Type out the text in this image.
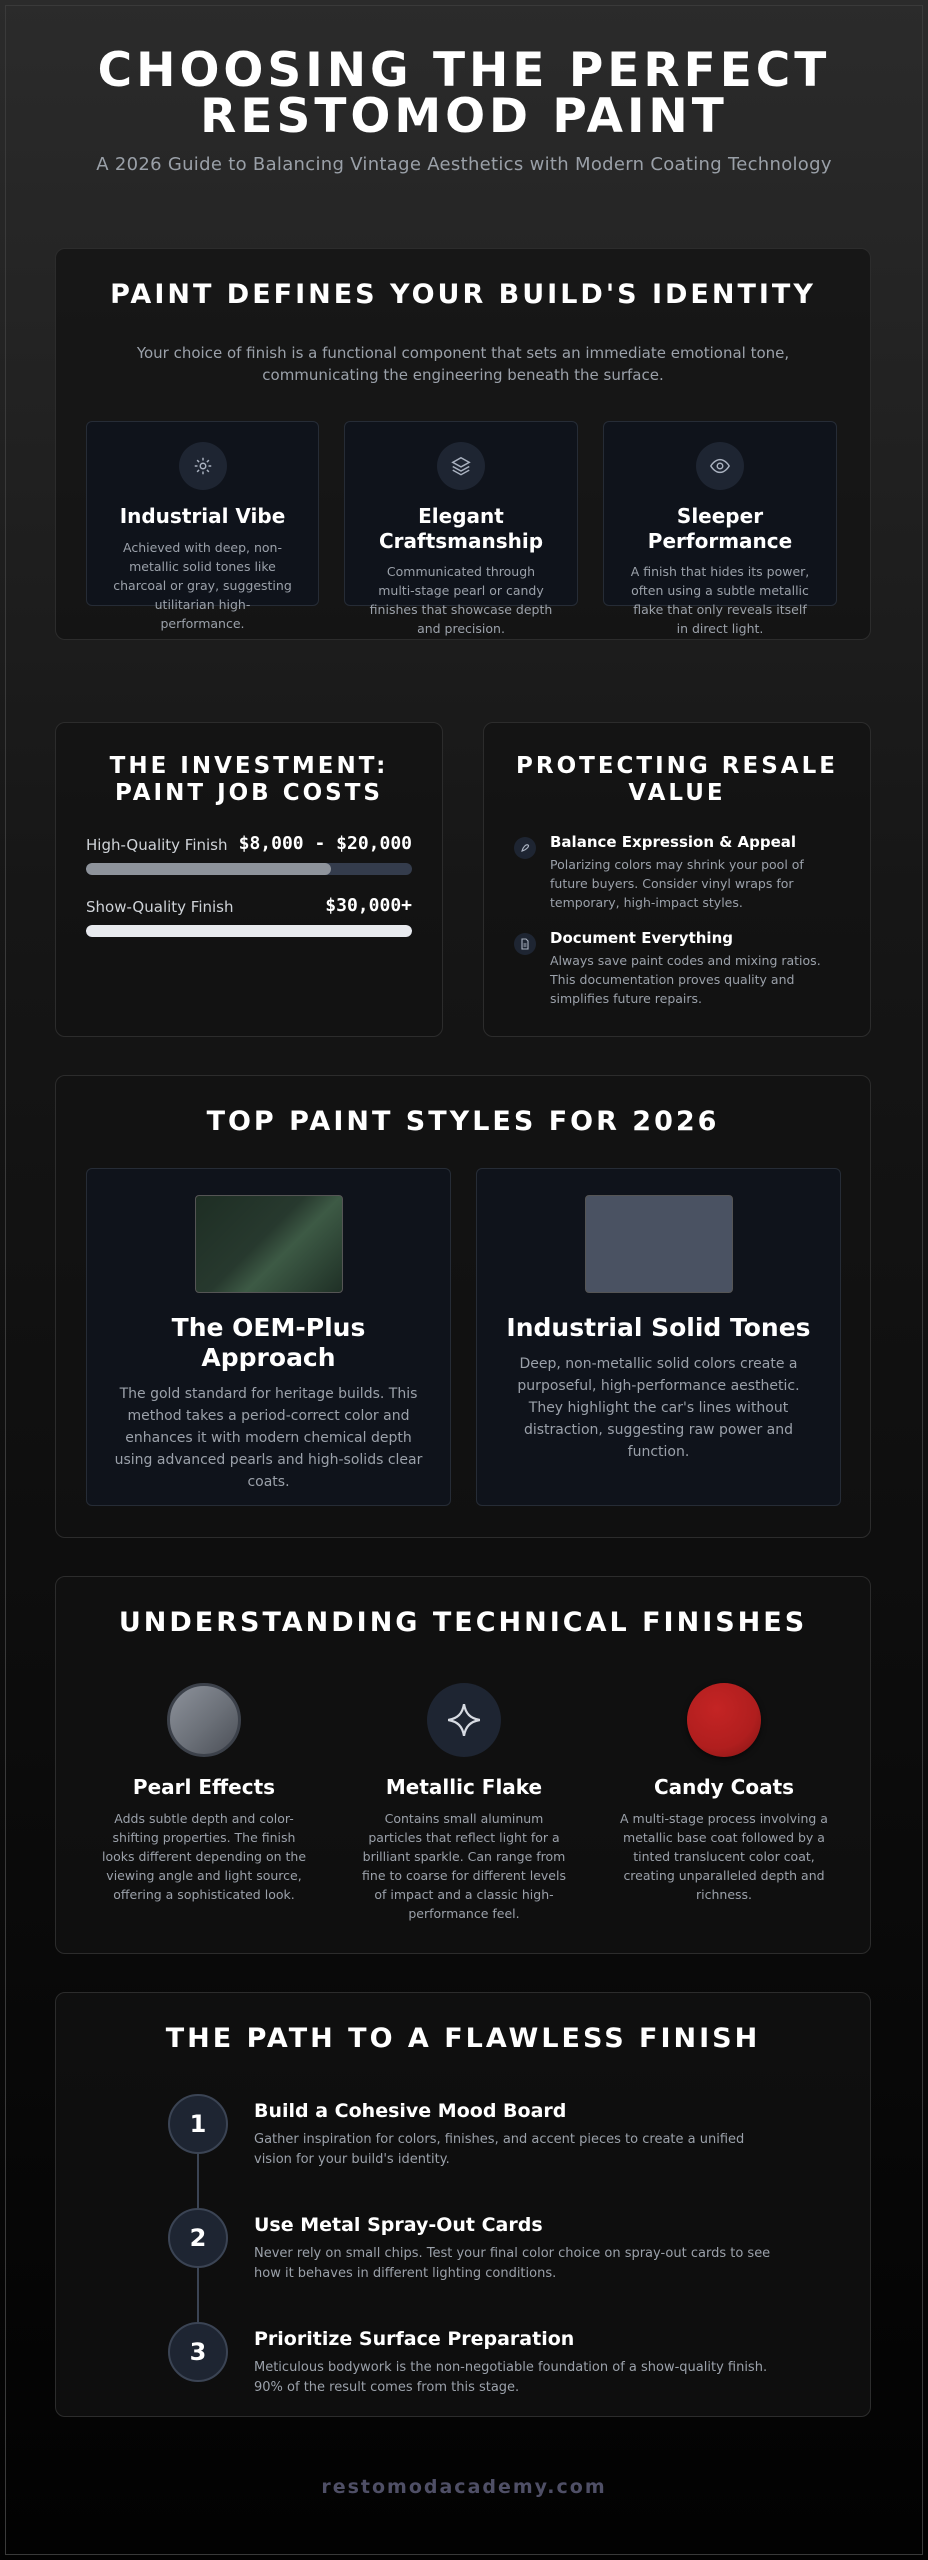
CHOOSING THE PERFECT
RESTOMOD PAINT
A 2026 Guide to Balancing Vintage Aesthetics with Modern Coating Technology
PAINT DEFINES YOUR BUILD'S IDENTITY
Your choice of finish is a functional component that sets an immediate emotional tone, communicating the engineering beneath the surface.
Industrial Vibe
Achieved with deep, non-metallic solid tones like charcoal or gray, suggesting utilitarian high-performance.
Elegant Craftsmanship
Communicated through multi-stage pearl or candy finishes that showcase depth and precision.
Sleeper Performance
A finish that hides its power, often using a subtle metallic flake that only reveals itself in direct light.
THE INVESTMENT: PAINT JOB COSTS
High-Quality Finish $8,000 - $20,000
Show-Quality Finish	$30,000+
PROTECTING RESALE VALUE
Balance Expression & Appeal
Polarizing colors may shrink your pool of future buyers. Consider vinyl wraps for temporary, high-impact styles.
Document Everything
Always save paint codes and mixing ratios. This documentation proves quality and simplifies future repairs.
TOP PAINT STYLES FOR 2026
The OEM-Plus Approach
The gold standard for heritage builds. This method takes a period-correct color and enhances it with modern chemical depth using advanced pearls and high-solids clear coats.
Industrial Solid Tones
Deep, non-metallic solid colors create a purposeful, high-performance aesthetic. They highlight the car's lines without distraction, suggesting raw power and function.
UNDERSTANDING TECHNICAL FINISHES
Pearl Effects
Adds subtle depth and color-shifting properties. The finish looks different depending on the viewing angle and light source, offering a sophisticated look.
Metallic Flake
Contains small aluminum particles that reflect light for a brilliant sparkle. Can range from fine to coarse for different levels of impact and a classic high-performance feel.
Candy Coats
A multi-stage process involving a metallic base coat followed by a tinted translucent color coat, creating unparalleled depth and richness.
THE PATH TO A FLAWLESS FINISH
1	Build a Cohesive Mood Board
Gather inspiration for colors, finishes, and accent pieces to create a unified vision for your build's identity.
2	Use Metal Spray-Out Cards
Never rely on small chips. Test your final color choice on spray-out cards to see how it behaves in different lighting conditions.
3	Prioritize Surface Preparation
Meticulous bodywork is the non-negotiable foundation of a show-quality finish. 90% of the result comes from this stage.
restomodacademy.com
